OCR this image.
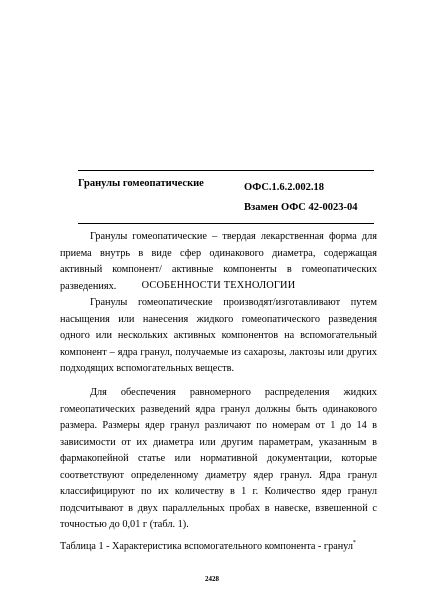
Гранулы гомеопатические	ОФС.1.6.2.002.18
Взамен ОФС 42-0023-04

Гранулы гомеопатические – твердая лекарственная форма для приема внутрь в виде сфер одинакового диаметра, содержащая активный компонент/ активные компоненты в гомеопатических разведениях.	ОСОБЕННОСТИ ТЕХНОЛОГИИ

Гранулы гомеопатические производят/изготавливают путем насыщения или нанесения жидкого гомеопатического разведения одного или нескольких активных компонентов на вспомогательный компонент – ядра гранул, получаемые из сахарозы, лактозы или других подходящих вспомогательных веществ.

Для обеспечения равномерного распределения жидких гомеопатических разведений ядра гранул должны быть одинакового размера. Размеры ядер гранул различают по номерам от 1 до 14 в зависимости от их диаметра или другим параметрам, указанным в фармакопейной статье или нормативной документации, которые соответствуют определенному диаметру ядер гранул. Ядра гранул классифицируют по их количеству в 1 г. Количество ядер гранул подсчитывают в двух параллельных пробах в навеске, взвешенной с точностью до 0,01 г (табл. 1).

Таблица 1 - Характеристика вспомогательного компонента - гранул*
2428
